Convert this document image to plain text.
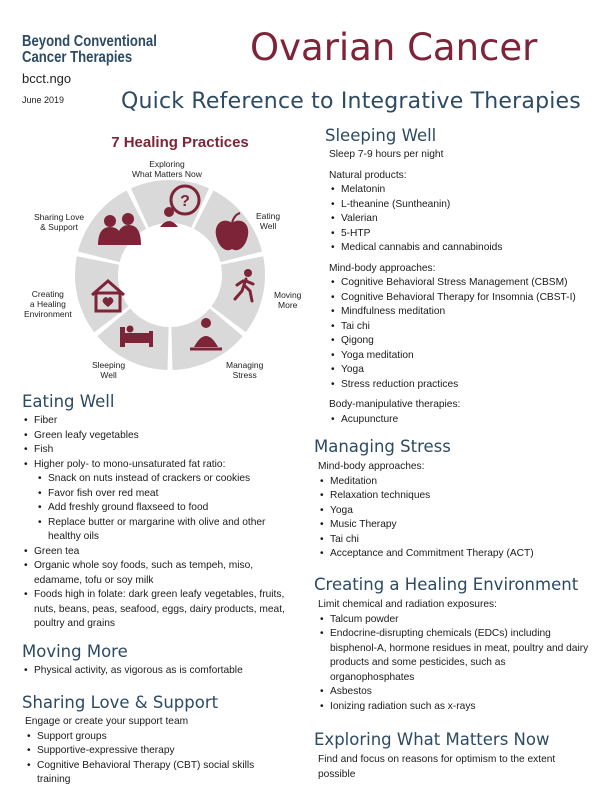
Beyond Conventional
Cancer Therapies
bcct.ngo
June 2019
Ovarian Cancer
Quick Reference to Integrative Therapies
7 Healing Practices
?
Exploring
What Matters Now
Eating
Well
Moving
More
Managing
Stress
Sleeping
Well
Creating
a Healing
Environment
Sharing Love
& Support
Eating Well
• Fiber
• Green leafy vegetables
• Fish
• Higher poly- to mono-unsaturated fat ratio:
• Snack on nuts instead of crackers or cookies
• Favor fish over red meat
• Add freshly ground flaxseed to food
• Replace butter or margarine with olive and other healthy oils
• Green tea
• Organic whole soy foods, such as tempeh, miso, edamame, tofu or soy milk
• Foods high in folate: dark green leafy vegetables, fruits, nuts, beans, peas, seafood, eggs, dairy products, meat, poultry and grains
Moving More
• Physical activity, as vigorous as is comfortable
Sharing Love & Support

Engage or create your support team

• Support groups
• Supportive-expressive therapy
• Cognitive Behavioral Therapy (CBT) social skills training
Sleeping Well

Sleep 7-9 hours per night

Natural products:

• Melatonin
• L-theanine (Suntheanin)
• Valerian
• 5-HTP
• Medical cannabis and cannabinoids

Mind-body approaches:

• Cognitive Behavioral Stress Management (CBSM)
• Cognitive Behavioral Therapy for Insomnia (CBST-I)
• Mindfulness meditation
• Tai chi
• Qigong
• Yoga meditation
• Yoga
• Stress reduction practices

Body-manipulative therapies:

• Acupuncture
Managing Stress

Mind-body approaches:

• Meditation
• Relaxation techniques
• Yoga
• Music Therapy
• Tai chi
• Acceptance and Commitment Therapy (ACT)
Creating a Healing Environment

Limit chemical and radiation exposures:

• Talcum powder
• Endocrine-disrupting chemicals (EDCs) including bisphenol-A, hormone residues in meat, poultry and dairy products and some pesticides, such as organophosphates
• Asbestos
• Ionizing radiation such as x-rays
Exploring What Matters Now

Find and focus on reasons for optimism to the extent possible
